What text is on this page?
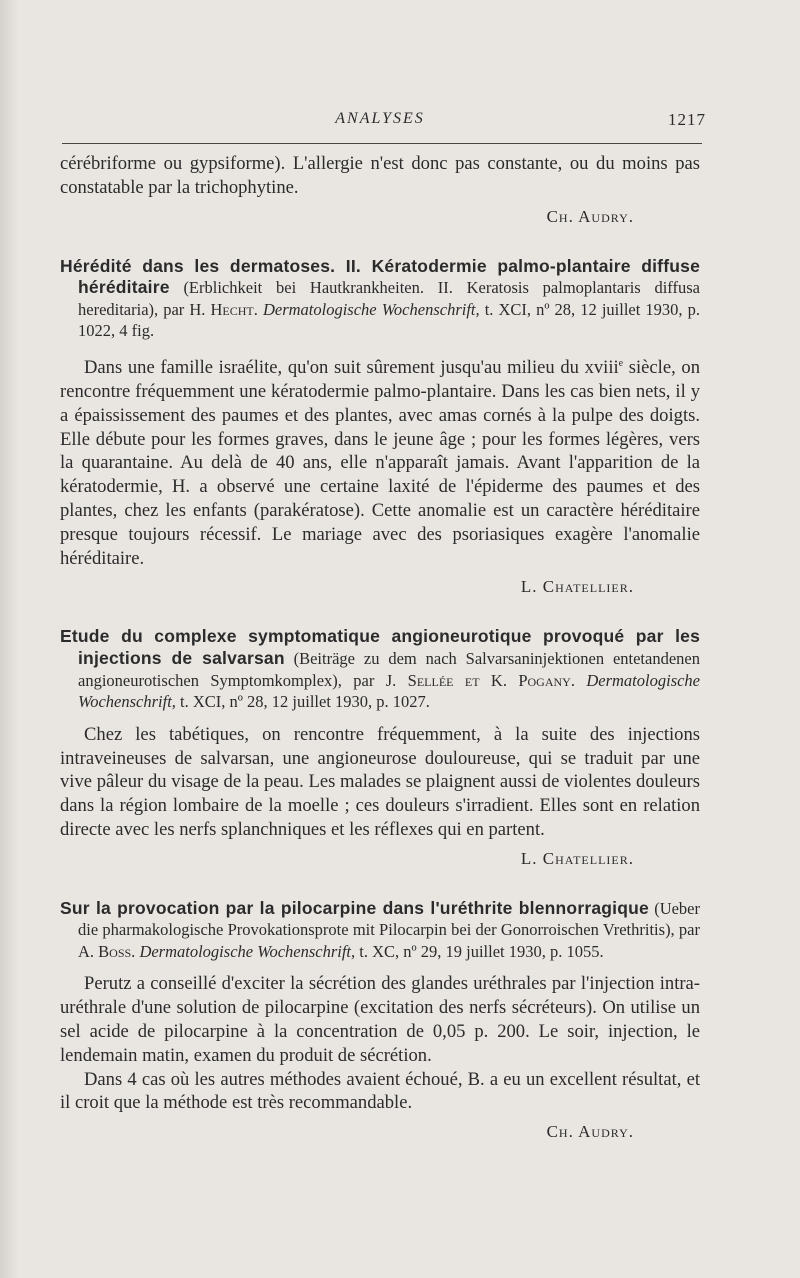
ANALYSES	1217

cérébriforme ou gypsiforme). L'allergie n'est donc pas constante, ou du moins pas constatable par la trichophytine.

Ch. Audry.
Hérédité dans les dermatoses. II. Kératodermie palmo-plantaire diffuse héréditaire (Erblichkeit bei Hautkrankheiten. II. Keratosis palmoplantaris diffusa hereditaria), par H. Hecht. Dermatologische Wochenschrift, t. XCI, nº 28, 12 juillet 1930, p. 1022, 4 fig.

Dans une famille israélite, qu'on suit sûrement jusqu'au milieu du xviii$^e$ siècle, on rencontre fréquemment une kératodermie palmo-plantaire. Dans les cas bien nets, il y a épaississement des paumes et des plantes, avec amas cornés à la pulpe des doigts. Elle débute pour les formes graves, dans le jeune âge ; pour les formes légères, vers la quarantaine. Au delà de 40 ans, elle n'apparaît jamais. Avant l'apparition de la kératodermie, H. a observé une certaine laxité de l'épiderme des paumes et des plantes, chez les enfants (parakératose). Cette anomalie est un caractère héréditaire presque toujours récessif. Le mariage avec des psoriasiques exagère l'anomalie héréditaire.

L. Chatellier.
Etude du complexe symptomatique angioneurotique provoqué par les injections de salvarsan (Beiträge zu dem nach Salvarsaninjektionen entetandenen angioneurotischen Symptomkomplex), par J. Sellée et K. Pogany. Dermatologische Wochenschrift, t. XCI, nº 28, 12 juillet 1930, p. 1027.

Chez les tabétiques, on rencontre fréquemment, à la suite des injections intraveineuses de salvarsan, une angioneurose douloureuse, qui se traduit par une vive pâleur du visage de la peau. Les malades se plaignent aussi de violentes douleurs dans la région lombaire de la moelle ; ces douleurs s'irradient. Elles sont en relation directe avec les nerfs splanchniques et les réflexes qui en partent.

L. Chatellier.
Sur la provocation par la pilocarpine dans l'uréthrite blennorragique (Ueber die pharmakologische Provokationsprote mit Pilocarpin bei der Gonorroischen Vrethritis), par A. Boss. Dermatologische Wochenschrift, t. XC, nº 29, 19 juillet 1930, p. 1055.

Perutz a conseillé d'exciter la sécrétion des glandes uréthrales par l'injection intra-uréthrale d'une solution de pilocarpine (excitation des nerfs sécréteurs). On utilise un sel acide de pilocarpine à la concentration de 0,05 p. 200. Le soir, injection, le lendemain matin, examen du produit de sécrétion.

Dans 4 cas où les autres méthodes avaient échoué, B. a eu un excellent résultat, et il croit que la méthode est très recommandable.

Ch. Audry.
